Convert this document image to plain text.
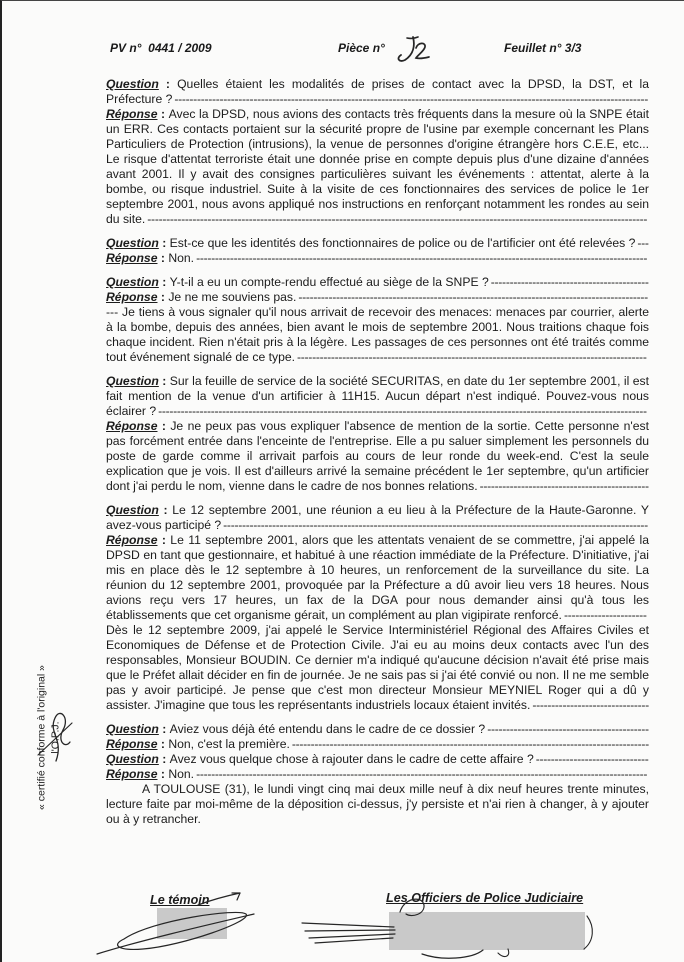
PV n°  0441 / 2009	Pièce n°	Feuillet n° 3/3

Question : Quelles étaient les modalités de prises de contact avec la DPSD, la DST, et la Préfecture ? ------------------------------------------------------------------------------------------------------------------------------

Réponse : Avec la DPSD, nous avions des contacts très fréquents dans la mesure où la SNPE était un ERR. Ces contacts portaient sur la sécurité propre de l'usine par exemple concernant les Plans Particuliers de Protection (intrusions), la venue de personnes d'origine étrangère hors C.E.E, etc... Le risque d'attentat terroriste était une donnée prise en compte depuis plus d'une dizaine d'années avant 2001. Il y avait des consignes particulières suivant les événements : attentat, alerte à la bombe, ou risque industriel. Suite à la visite de ces fonctionnaires des services de police le 1er septembre 2001, nous avons appliqué nos instructions en renforçant notamment les rondes au sein du site. -------------------------------------------------------------------------------------------------------------------------------------

Question : Est-ce que les identités des fonctionnaires de police ou de l'artificier ont été relevées ? ---

Réponse : Non. ------------------------------------------------------------------------------------------------------------------------

Question : Y-t-il a eu un compte-rendu effectué au siège de la SNPE ? ------------------------------------------

Réponse : Je ne me souviens pas. ---------------------------------------------------------------------------------------------

--- Je tiens à vous signaler qu'il nous arrivait de recevoir des menaces: menaces par courrier, alerte à la bombe, depuis des années, bien avant le mois de septembre 2001. Nous traitions chaque fois chaque incident. Rien n'était pris à la légère. Les passages de ces personnes ont été traités comme tout événement signalé de ce type. ---------------------------------------------------------------------------------------------

Question : Sur la feuille de service de la société SECURITAS, en date du 1er septembre 2001, il est fait mention de la venue d'un artificier à 11H15. Aucun départ n'est indiqué. Pouvez-vous nous éclairer ? ----------------------------------------------------------------------------------------------------------------------------------

Réponse : Je ne peux pas vous expliquer l'absence de mention de la sortie. Cette personne n'est pas forcément entrée dans l'enceinte de l'entreprise. Elle a pu saluer simplement les personnels du poste de garde comme il arrivait parfois au cours de leur ronde du week-end. C'est la seule explication que je vois. Il est d'ailleurs arrivé la semaine précédent le 1er septembre, qu'un artificier dont j'ai perdu le nom, vienne dans le cadre de nos bonnes relations. ---------------------------------------------

Question : Le 12 septembre 2001, une réunion a eu lieu à la Préfecture de la Haute-Garonne. Y avez-vous participé ? -----------------------------------------------------------------------------------------------------------------

Réponse : Le 11 septembre 2001, alors que les attentats venaient de se commettre, j'ai appelé la DPSD en tant que gestionnaire, et habitué à une réaction immédiate de la Préfecture. D'initiative, j'ai mis en place dès le 12 septembre à 10 heures, un renforcement de la surveillance du site. La réunion du 12 septembre 2001, provoquée par la Préfecture a dû avoir lieu vers 18 heures. Nous avions reçu vers 17 heures, un fax de la DGA pour nous demander ainsi qu'à tous les établissements que cet organisme gérait, un complément au plan vigipirate renforcé. ----------------------

Dès le 12 septembre 2009, j'ai appelé le Service Interministériel Régional des Affaires Civiles et Economiques de Défense et de Protection Civile. J'ai eu au moins deux contacts avec l'un des responsables, Monsieur BOUDIN. Ce dernier m'a indiqué qu'aucune décision n'avait été prise mais que le Préfet allait décider en fin de journée. Je ne sais pas si j'ai été convié ou non. Il ne me semble pas y avoir participé. Je pense que c'est mon directeur Monsieur MEYNIEL Roger qui a dû y assister. J'imagine que tous les représentants industriels locaux étaient invités. -------------------------------

Question : Aviez vous déjà été entendu dans le cadre de ce dossier ? -------------------------------------------

Réponse : Non, c'est la première. -----------------------------------------------------------------------------------------------

Question : Avez vous quelque chose à rajouter dans le cadre de cette affaire ? ------------------------------

Réponse : Non. ------------------------------------------------------------------------------------------------------------------------

A TOULOUSE (31), le lundi vingt cinq mai deux mille neuf à dix neuf heures trente minutes, lecture faite par moi-même de la déposition ci-dessus, j'y persiste et n'ai rien à changer, à y ajouter ou à y retrancher.

« certifié conforme à l'original » l'O.P.J.
Le témoin	Les Officiers de Police Judiciaire
